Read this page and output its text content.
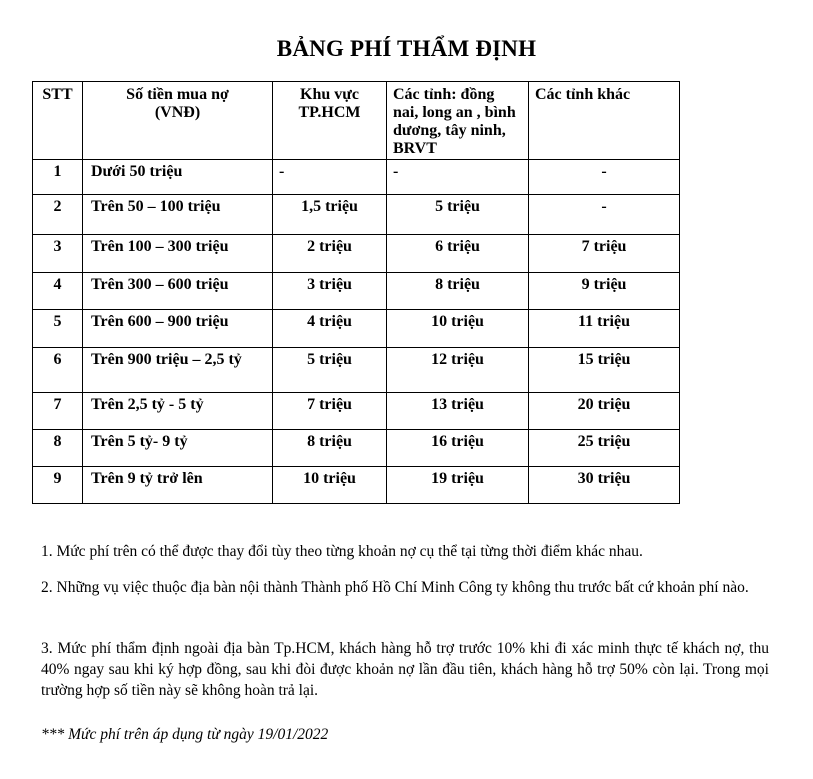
BẢNG PHÍ THẨM ĐỊNH
STT	Số tiền mua nợ (VNĐ)	Khu vực TP.HCM	Các tỉnh: đồng nai, long an , bình dương, tây ninh, BRVT	Các tỉnh khác
1	Dưới 50 triệu	-	-	-
2	Trên 50 – 100 triệu	1,5 triệu	5 triệu	-
3	Trên 100 – 300 triệu	2 triệu	6 triệu	7 triệu
4	Trên 300 – 600 triệu	3 triệu	8 triệu	9 triệu
5	Trên 600 – 900 triệu	4 triệu	10 triệu	11 triệu
6	Trên 900 triệu – 2,5 tỷ	5 triệu	12 triệu	15 triệu
7	Trên 2,5 tỷ - 5 tỷ	7 triệu	13 triệu	20 triệu
8	Trên 5 tỷ- 9 tỷ	8 triệu	16 triệu	25 triệu
9	Trên 9 tỷ trở lên	10 triệu	19 triệu	30 triệu
1. Mức phí trên có thể được thay đổi tùy theo từng khoản nợ cụ thể tại từng thời điểm khác nhau.
2. Những vụ việc thuộc địa bàn nội thành Thành phố Hồ Chí Minh Công ty không thu trước bất cứ khoản phí nào.
3. Mức phí thẩm định ngoài địa bàn Tp.HCM, khách hàng hỗ trợ trước 10% khi đi xác minh thực tế khách nợ, thu 40% ngay sau khi ký hợp đồng, sau khi đòi được khoản nợ lần đầu tiên, khách hàng hỗ trợ 50% còn lại. Trong mọi trường hợp số tiền này sẽ không hoàn trả lại.
*** Mức phí trên áp dụng từ ngày 19/01/2022
